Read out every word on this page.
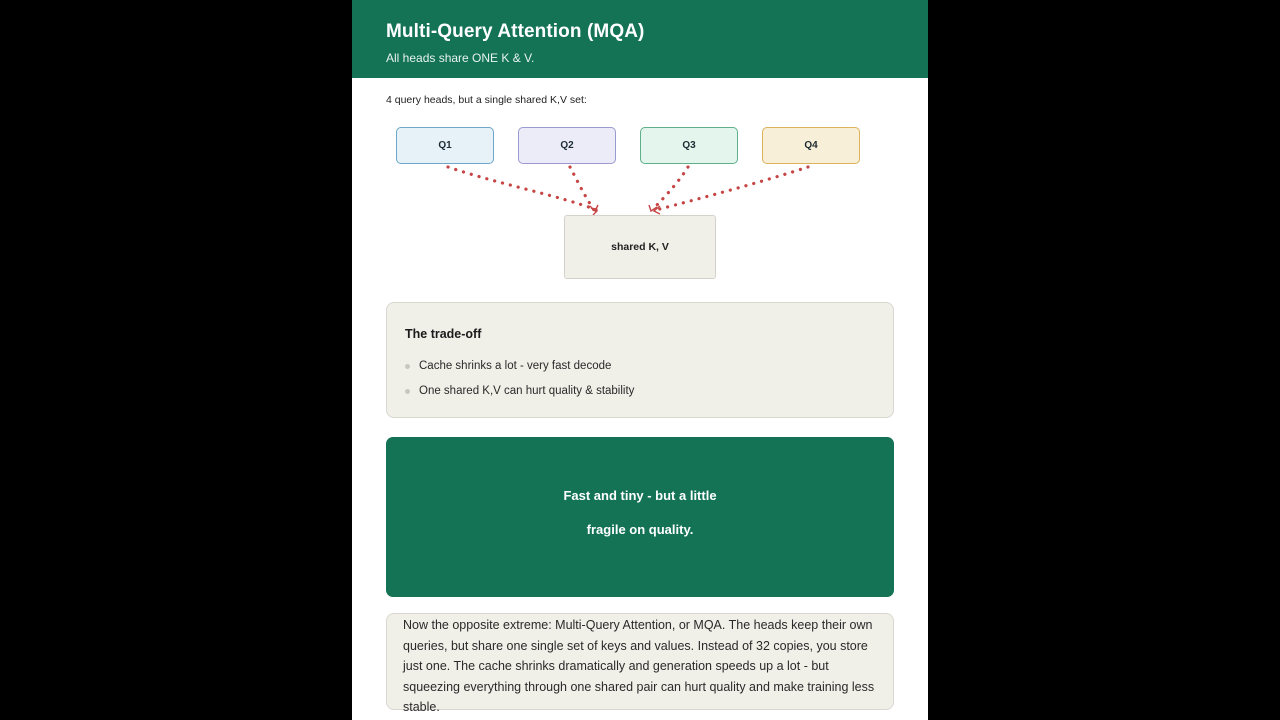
Multi-Query Attention (MQA)
All heads share ONE K & V.
4 query heads, but a single shared K,V set:
Q1	Q2	Q3	Q4
shared K, V
The trade-off
Cache shrinks a lot - very fast decode
One shared K,V can hurt quality & stability
Fast and tiny - but a little
fragile on quality.
Now the opposite extreme: Multi-Query Attention, or MQA. The heads keep their own queries, but share one single set of keys and values. Instead of 32 copies, you store just one. The cache shrinks dramatically and generation speeds up a lot - but squeezing everything through one shared pair can hurt quality and make training less stable.
